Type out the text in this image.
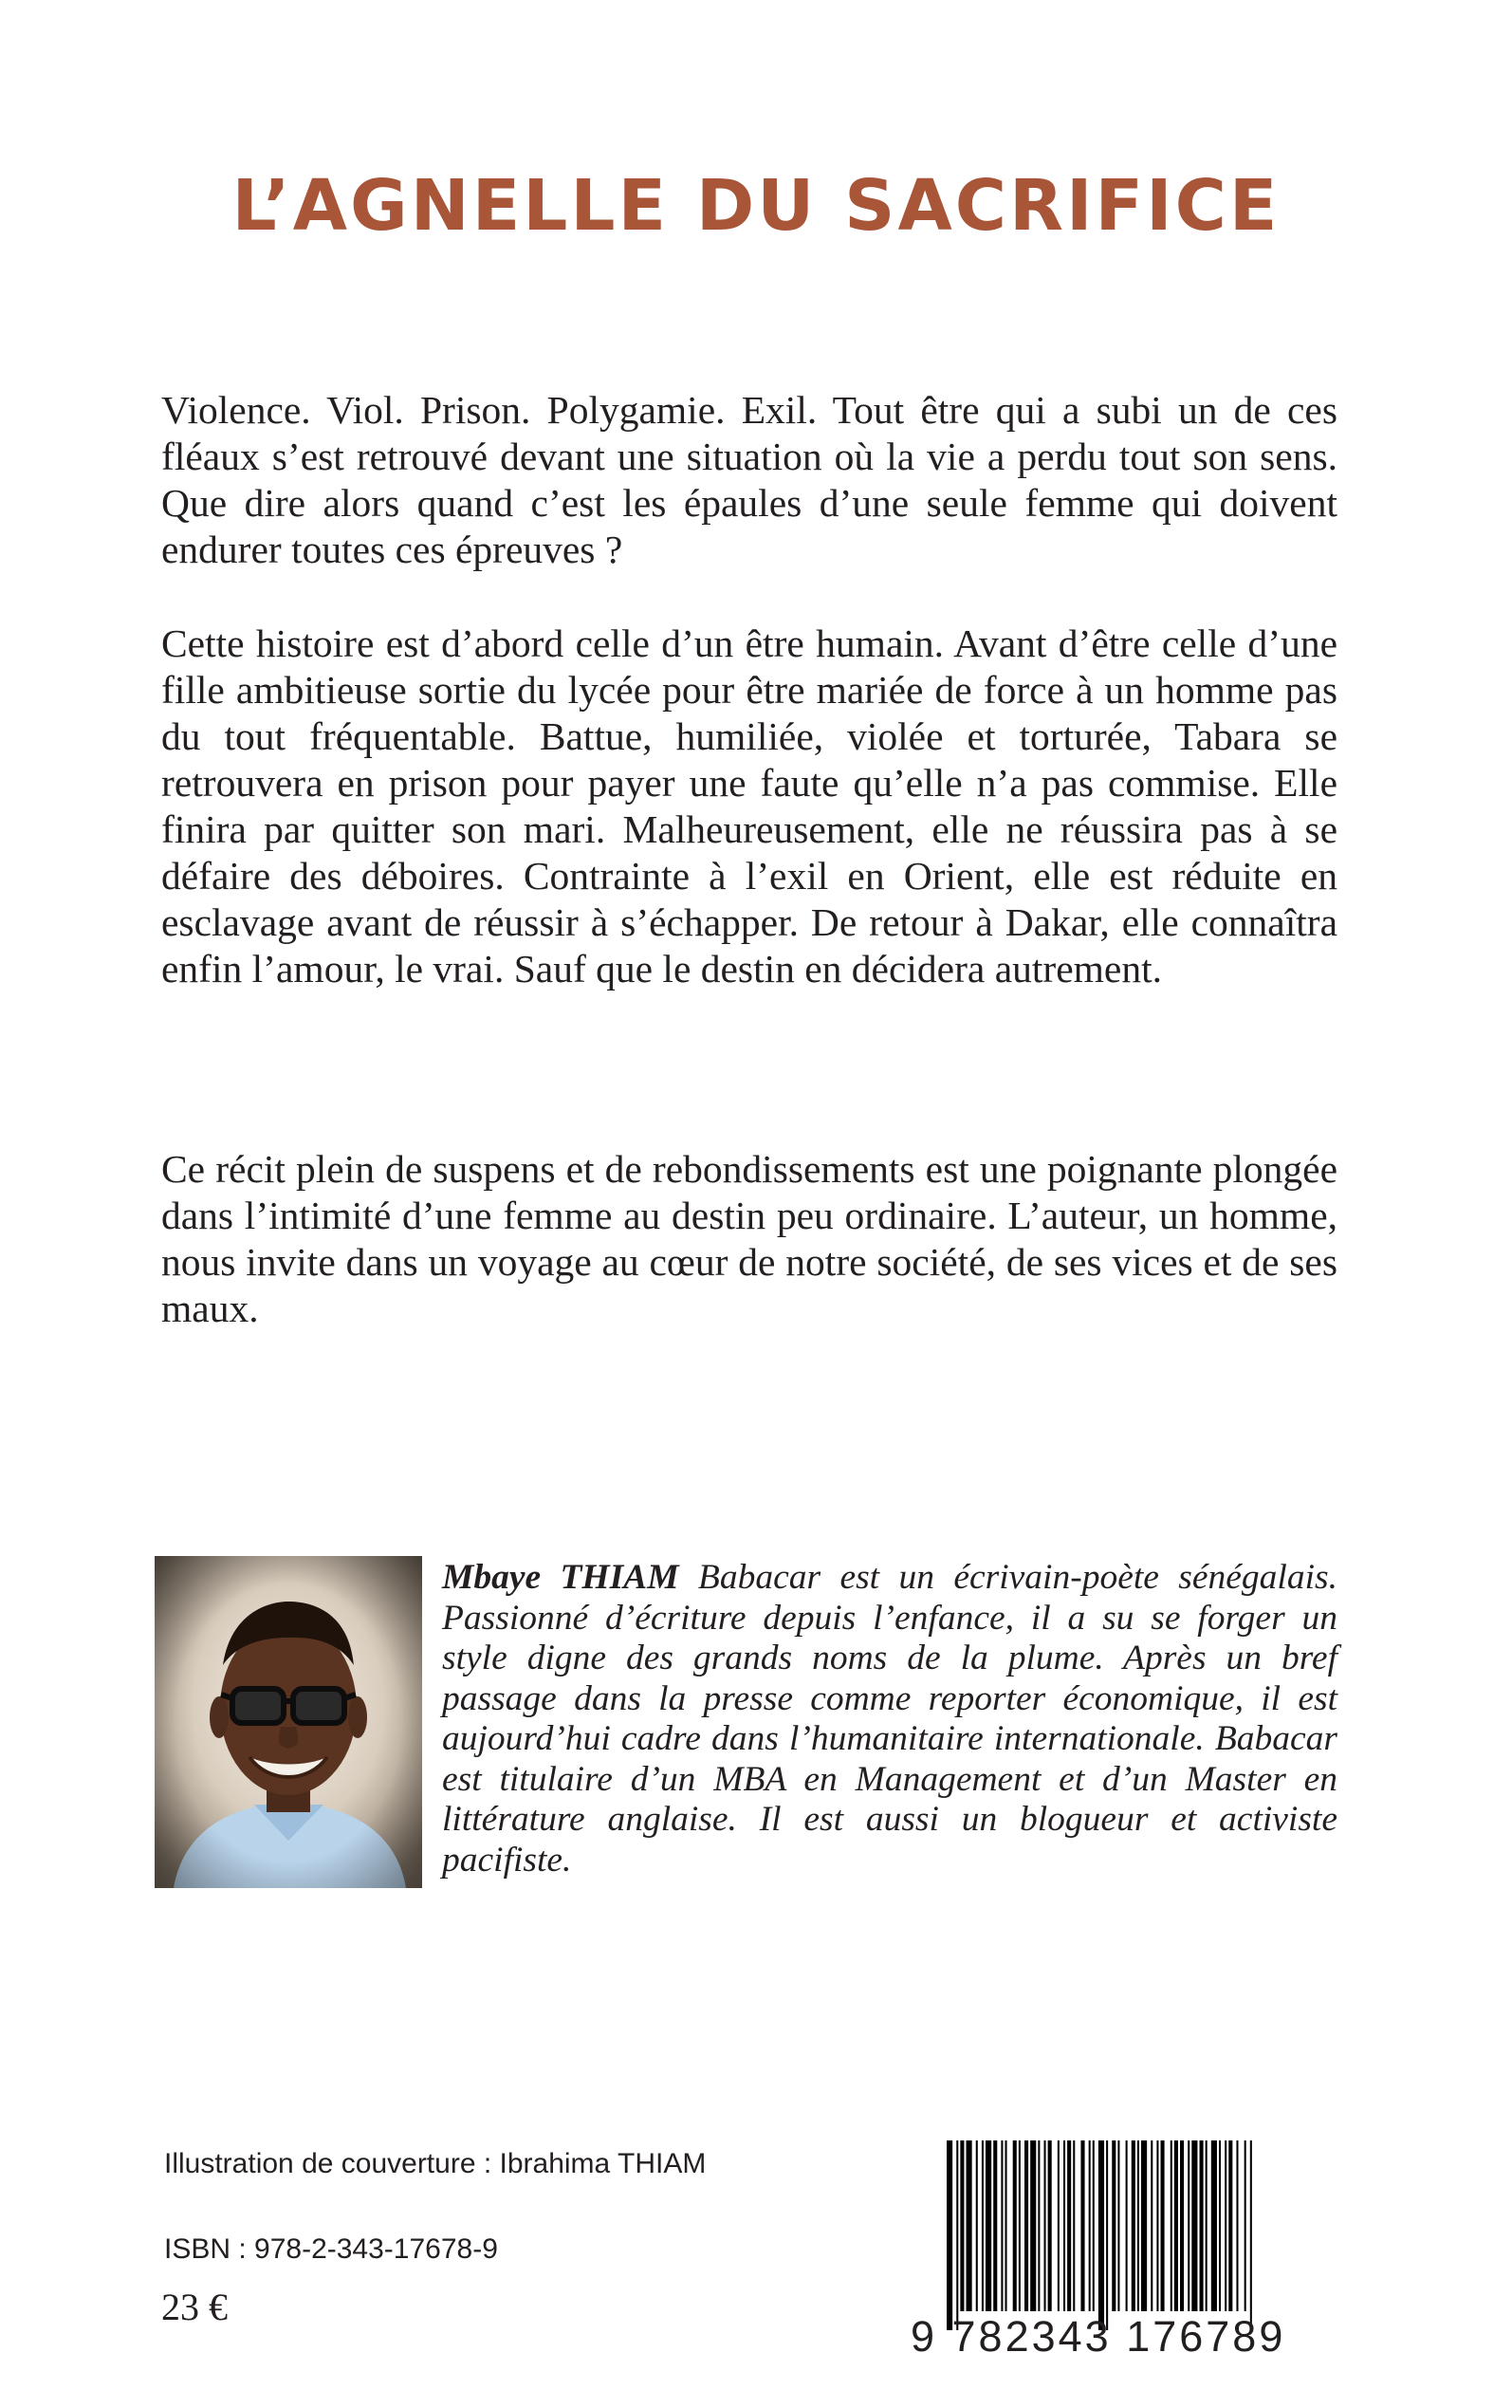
L’AGNELLE DU SACRIFICE

Violence. Viol. Prison. Polygamie. Exil. Tout être qui a subi un de ces fléaux s’est retrouvé devant une situation où la vie a perdu tout son sens. Que dire alors quand c’est les épaules d’une seule femme qui doivent endurer toutes ces épreuves ?

Cette histoire est d’abord celle d’un être humain. Avant d’être celle d’une fille ambitieuse sortie du lycée pour être mariée de force à un homme pas du tout fréquentable. Battue, humiliée, violée et torturée, Tabara se retrouvera en prison pour payer une faute qu’elle n’a pas commise. Elle finira par quitter son mari. Malheureusement, elle ne réussira pas à se défaire des déboires. Contrainte à l’exil en Orient, elle est réduite en esclavage avant de réussir à s’échapper. De retour à Dakar, elle connaîtra enfin l’amour, le vrai. Sauf que le destin en décidera autrement.

Ce récit plein de suspens et de rebondissements est une poignante plongée dans l’intimité d’une femme au destin peu ordinaire. L’auteur, un homme, nous invite dans un voyage au cœur de notre société, de ses vices et de ses maux.

Mbaye THIAM Babacar est un écrivain-poète sénégalais. Passionné d’écriture depuis l’enfance, il a su se forger un style digne des grands noms de la plume. Après un bref passage dans la presse comme reporter économique, il est aujourd’hui cadre dans l’humanitaire internationale. Babacar est titulaire d’un MBA en Management et d’un Master en littérature anglaise. Il est aussi un blogueur et activiste pacifiste.

Illustration de couverture : Ibrahima THIAM

ISBN : 978-2-343-17678-9

23 €

9 782343 176789
